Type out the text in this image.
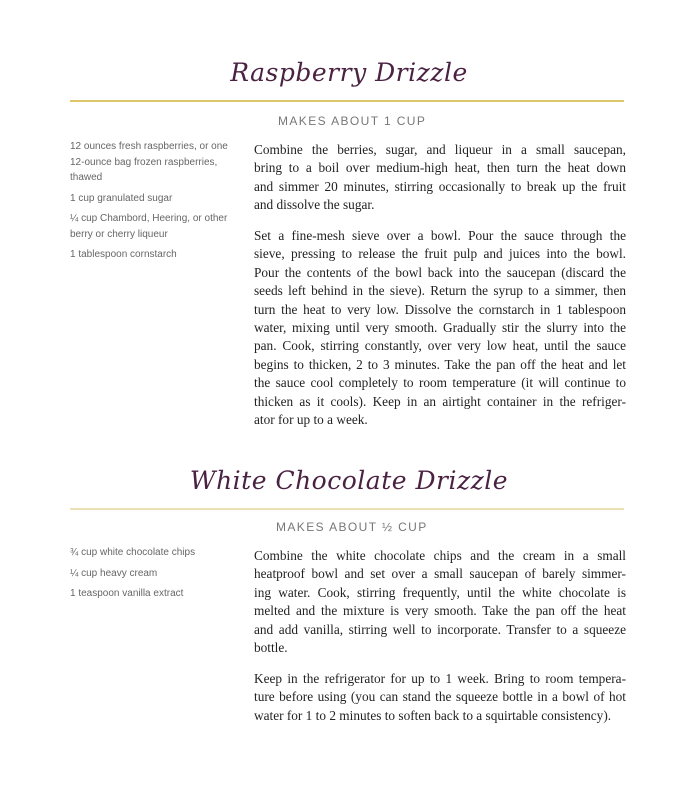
Raspberry Drizzle
MAKES ABOUT 1 CUP
12 ounces fresh raspberries, or one 12-ounce bag frozen raspberries, thawed
1 cup granulated sugar
¼ cup Chambord, Heering, or other berry or cherry liqueur
1 tablespoon cornstarch
Combine the berries, sugar, and liqueur in a small saucepan,
bring to a boil over medium-high heat, then turn the heat down
and simmer 20 minutes, stirring occasionally to break up the fruit
and dissolve the sugar.
Set a fine-mesh sieve over a bowl. Pour the sauce through the
sieve, pressing to release the fruit pulp and juices into the bowl.
Pour the contents of the bowl back into the saucepan (discard the
seeds left behind in the sieve). Return the syrup to a simmer, then
turn the heat to very low. Dissolve the cornstarch in 1 tablespoon
water, mixing until very smooth. Gradually stir the slurry into the
pan. Cook, stirring constantly, over very low heat, until the sauce
begins to thicken, 2 to 3 minutes. Take the pan off the heat and let
the sauce cool completely to room temperature (it will continue to
thicken as it cools). Keep in an airtight container in the refriger-
ator for up to a week.
White Chocolate Drizzle
MAKES ABOUT ½ CUP
¾ cup white chocolate chips
¼ cup heavy cream
1 teaspoon vanilla extract
Combine the white chocolate chips and the cream in a small
heatproof bowl and set over a small saucepan of barely simmer-
ing water. Cook, stirring frequently, until the white chocolate is
melted and the mixture is very smooth. Take the pan off the heat
and add vanilla, stirring well to incorporate. Transfer to a squeeze
bottle.
Keep in the refrigerator for up to 1 week. Bring to room tempera-
ture before using (you can stand the squeeze bottle in a bowl of hot
water for 1 to 2 minutes to soften back to a squirtable consistency).
